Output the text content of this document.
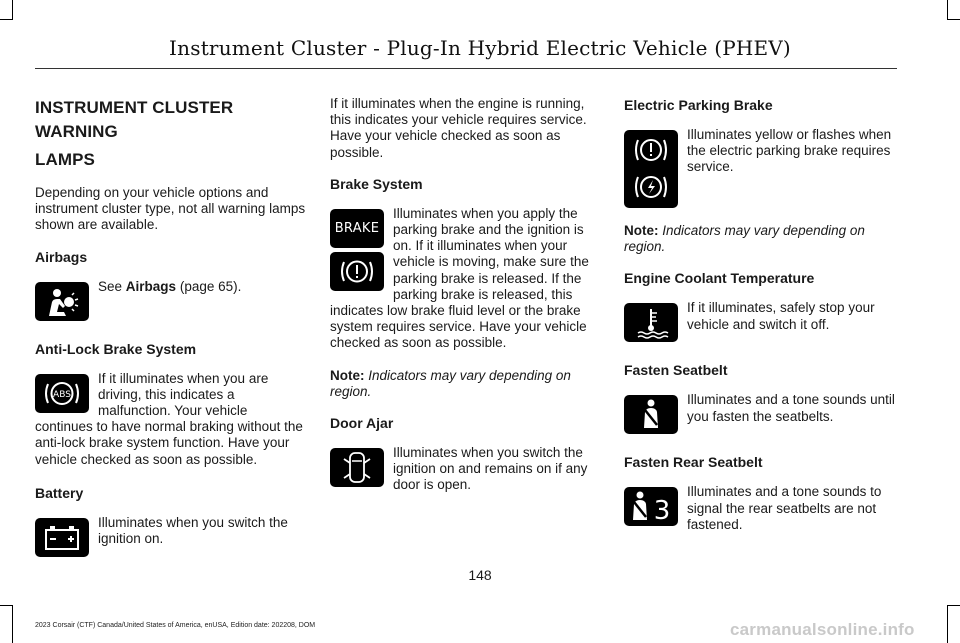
Instrument Cluster - Plug-In Hybrid Electric Vehicle (PHEV)
INSTRUMENT CLUSTER WARNING
LAMPS

Depending on your vehicle options and instrument cluster type, not all warning lamps shown are available.

Airbags

See Airbags (page 65).

Anti-Lock Brake System
ABS

If it illuminates when you are driving, this indicates a malfunction. Your vehicle continues to have normal braking without the anti-lock brake system function. Have your vehicle checked as soon as possible.

Battery

Illuminates when you switch the ignition on.

If it illuminates when the engine is running, this indicates your vehicle requires service. Have your vehicle checked as soon as possible.

Brake System
BRAKE

Illuminates when you apply the parking brake and the ignition is on. If it illuminates when your vehicle is moving, make sure the parking brake is released. If the parking brake is released, this indicates low brake fluid level or the brake system requires service. Have your vehicle checked as soon as possible.

Note: Indicators may vary depending on region.

Door Ajar

Illuminates when you switch the ignition on and remains on if any door is open.

Electric Parking Brake

Illuminates yellow or flashes when the electric parking brake requires service.

Note: Indicators may vary depending on region.

Engine Coolant Temperature

If it illuminates, safely stop your vehicle and switch it off.

Fasten Seatbelt

Illuminates and a tone sounds until you fasten the seatbelts.

Fasten Rear Seatbelt
3

Illuminates and a tone sounds to signal the rear seatbelts are not fastened.

148
2023 Corsair (CTF) Canada/United States of America, enUSA, Edition date: 202208, DOM	carmanualsonline.info
